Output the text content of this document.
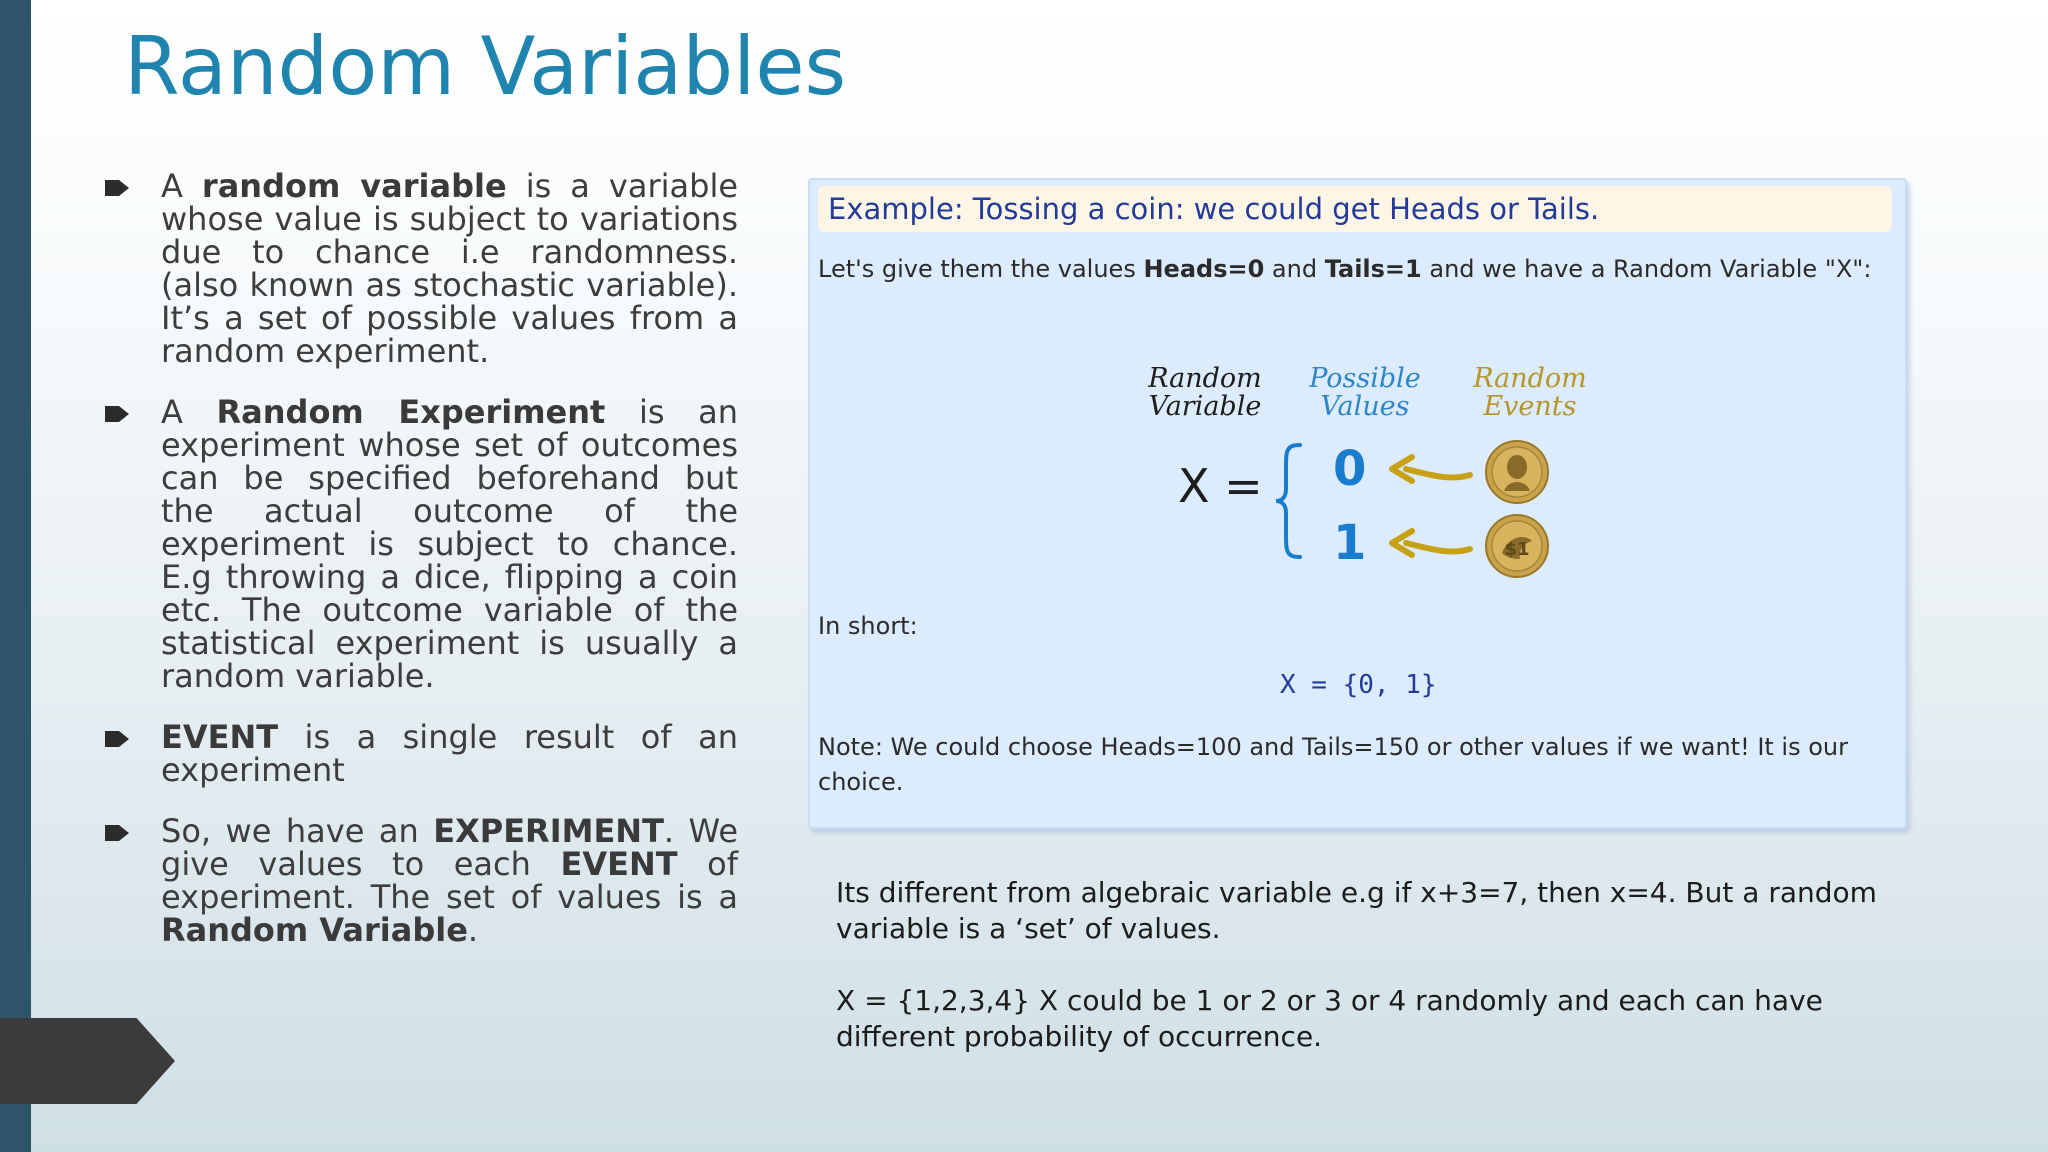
Random Variables
A random variable is a variable whose value is subject to variations due to chance i.e randomness. (also known as stochastic variable). It’s a set of possible values from a random experiment.
A Random Experiment is an experiment whose set of outcomes can be specified beforehand but the actual outcome of the experiment is subject to chance. E.g throwing a dice, flipping a coin etc. The outcome variable of the statistical experiment is usually a random variable.
EVENT is a single result of an experiment
So, we have an EXPERIMENT. We give values to each EVENT of experiment. The set of values is a Random Variable.
Example: Tossing a coin: we could get Heads or Tails.
Let's give them the values Heads=0 and Tails=1 and we have a Random Variable "X":
Random
Variable
Possible
Values
Random
Events
X = 0
1	$1
In short:
X = {0, 1}
Note: We could choose Heads=100 and Tails=150 or other values if we want! It is our choice.

Its different from algebraic variable e.g if x+3=7, then x=4. But a random variable is a ‘set’ of values.

X = {1,2,3,4} X could be 1 or 2 or 3 or 4 randomly and each can have different probability of occurrence.
